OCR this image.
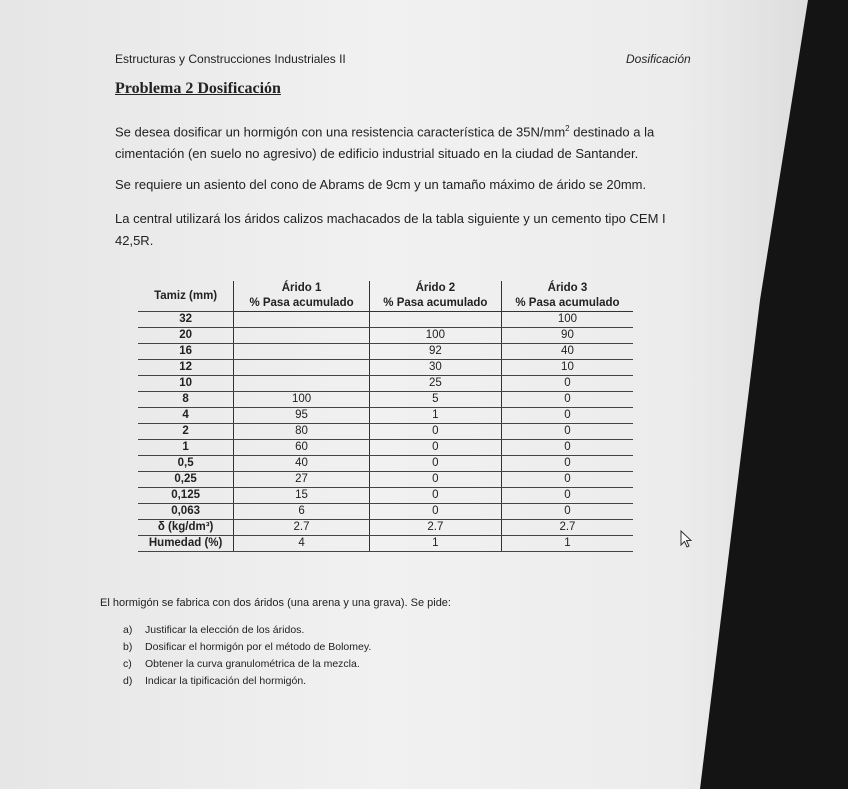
Estructuras y Construcciones Industriales II	Dosificación
Problema 2 Dosificación
Se desea dosificar un hormigón con una resistencia característica de $35N/mm^2$ destinado a la cimentación (en suelo no agresivo) de edificio industrial situado en la ciudad de Santander.
Se requiere un asiento del cono de Abrams de 9cm y un tamaño máximo de árido se 20mm.
La central utilizará los áridos calizos machacados de la tabla siguiente y un cemento tipo CEM I 42,5R.
Tamiz (mm)	Árido 1	Árido 2	Árido 3
	% Pasa acumulado	% Pasa acumulado	% Pasa acumulado
32			100
20		100	90
16		92	40
12		30	10
10		25	0
8	100	5	0
4	95	1	0
2	80	0	0
1	60	0	0
0,5	40	0	0
0,25	27	0	0
0,125	15	0	0
0,063	6	0	0
δ (kg/dm³)	2.7	2.7	2.7
Humedad (%)	4	1	1
El hormigón se fabrica con dos áridos (una arena y una grava). Se pide:
a) Justificar la elección de los áridos.
b) Dosificar el hormigón por el método de Bolomey.
c) Obtener la curva granulométrica de la mezcla.
d) Indicar la tipificación del hormigón.
